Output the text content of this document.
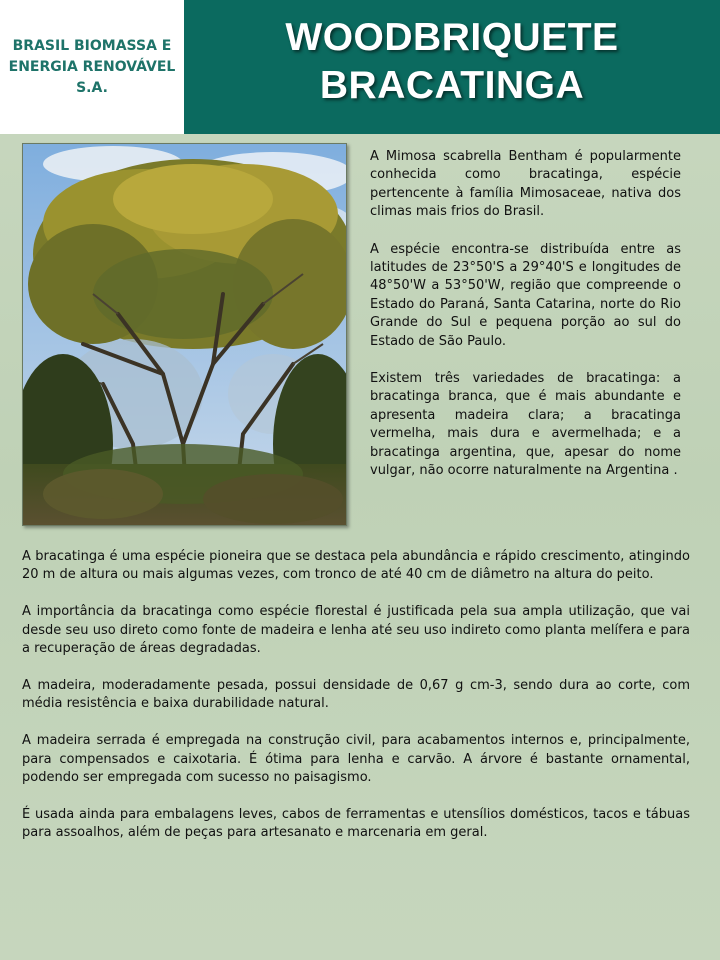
BRASIL BIOMASSA E ENERGIA RENOVÁVEL S.A.
WOODBRIQUETE
BRACATINGA

A Mimosa scabrella Bentham é popularmente conhecida como bracatinga, espécie pertencente à família Mimosaceae, nativa dos climas mais frios do Brasil.

A espécie encontra-se distribuída entre as latitudes de 23°50'S a 29°40'S e longitudes de 48°50'W a 53°50'W, região que compreende o Estado do Paraná, Santa Catarina, norte do Rio Grande do Sul e pequena porção ao sul do Estado de São Paulo.

Existem três variedades de bracatinga: a bracatinga branca, que é mais abundante e apresenta madeira clara; a bracatinga vermelha, mais dura e avermelhada; e a bracatinga argentina, que, apesar do nome vulgar, não ocorre naturalmente na Argentina .

A bracatinga é uma espécie pioneira que se destaca pela abundância e rápido crescimento, atingindo 20 m de altura ou mais algumas vezes, com tronco de até 40 cm de diâmetro na altura do peito.

A importância da bracatinga como espécie florestal é justificada pela sua ampla utilização, que vai desde seu uso direto como fonte de madeira e lenha até seu uso indireto como planta melífera e para a recuperação de áreas degradadas.

A madeira, moderadamente pesada, possui densidade de 0,67 g cm-3, sendo dura ao corte, com média resistência e baixa durabilidade natural.

A madeira serrada é empregada na construção civil, para acabamentos internos e, principalmente, para compensados e caixotaria. É ótima para lenha e carvão. A árvore é bastante ornamental, podendo ser empregada com sucesso no paisagismo.

É usada ainda para embalagens leves, cabos de ferramentas e utensílios domésticos, tacos e tábuas para assoalhos, além de peças para artesanato e marcenaria em geral.
